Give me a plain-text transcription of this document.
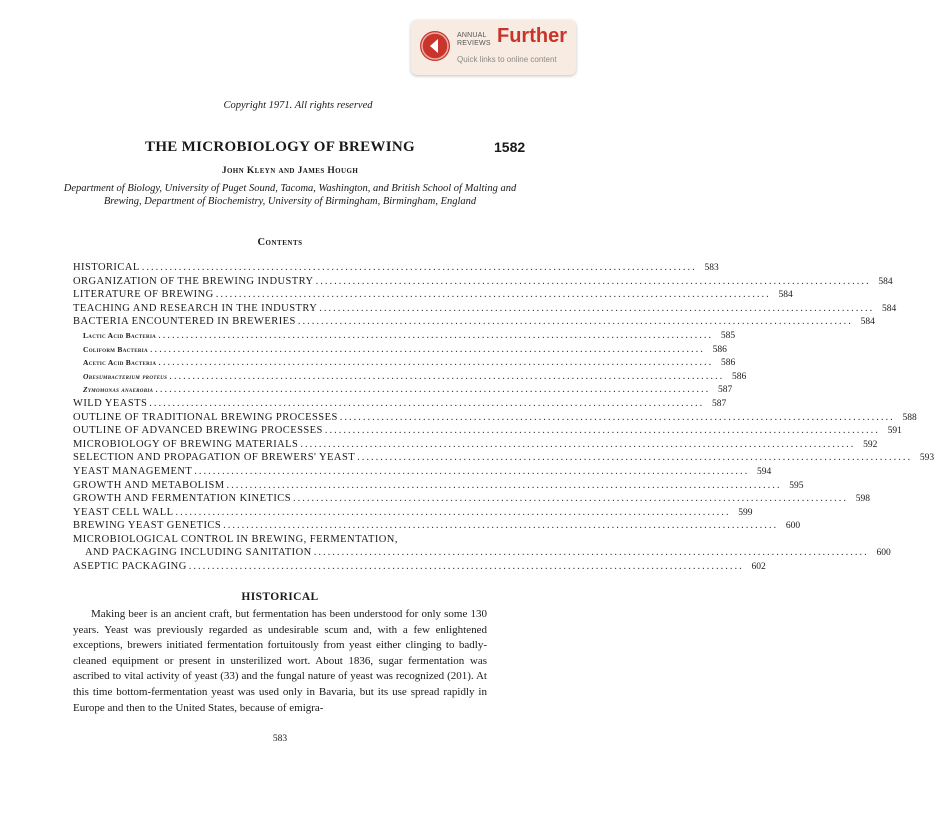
ANNUAL
REVIEWS Further
Quick links to online content
Copyright 1971. All rights reserved
THE MICROBIOLOGY OF BREWING	1582
John Kleyn and James Hough
Department of Biology, University of Puget Sound, Tacoma, Washington, and British School of Malting and Brewing, Department of Biochemistry, University of Birmingham, Birmingham, England
Contents
HISTORICAL ........................................................................................................................ 583
ORGANIZATION OF THE BREWING INDUSTRY ........................................................................................................................ 584
LITERATURE OF BREWING ........................................................................................................................ 584
TEACHING AND RESEARCH IN THE INDUSTRY ........................................................................................................................ 584
BACTERIA ENCOUNTERED IN BREWERIES ........................................................................................................................ 584
Lactic Acid Bacteria ........................................................................................................................ 585
Coliform Bacteria ........................................................................................................................ 586
Acetic Acid Bacteria ........................................................................................................................ 586
Obesumbacterium proteus ........................................................................................................................ 586
Zymomonas anaerobia ........................................................................................................................ 587
WILD YEASTS ........................................................................................................................ 587
OUTLINE OF TRADITIONAL BREWING PROCESSES ........................................................................................................................ 588
OUTLINE OF ADVANCED BREWING PROCESSES ........................................................................................................................ 591
MICROBIOLOGY OF BREWING MATERIALS ........................................................................................................................ 592
SELECTION AND PROPAGATION OF BREWERS' YEAST ........................................................................................................................ 593
YEAST MANAGEMENT ........................................................................................................................ 594
GROWTH AND METABOLISM ........................................................................................................................ 595
GROWTH AND FERMENTATION KINETICS ........................................................................................................................ 598
YEAST CELL WALL ........................................................................................................................ 599
BREWING YEAST GENETICS ........................................................................................................................ 600
MICROBIOLOGICAL CONTROL IN BREWING, FERMENTATION,
AND PACKAGING INCLUDING SANITATION ........................................................................................................................ 600
ASEPTIC PACKAGING ........................................................................................................................ 602
HISTORICAL
Making beer is an ancient craft, but fermentation has been understood for only some 130 years. Yeast was previously regarded as undesirable scum and, with a few enlightened exceptions, brewers initiated fermentation fortuitously from yeast either clinging to badly-cleaned equipment or present in unsterilized wort. About 1836, sugar fermentation was ascribed to vital activity of yeast (33) and the fungal nature of yeast was recognized (201). At this time bottom-fermentation yeast was used only in Bavaria, but its use spread rapidly in Europe and then to the United States, because of emigra-
583
